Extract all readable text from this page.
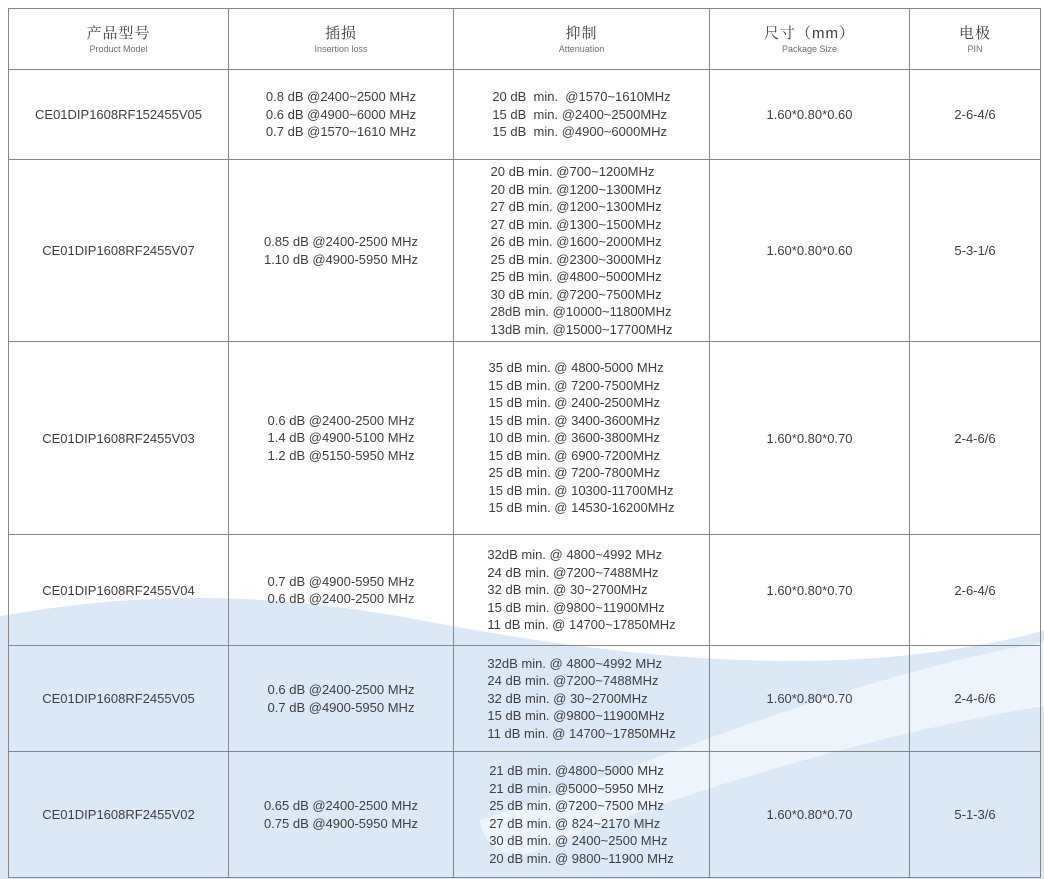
产品型号
Product Model

插损
Insertion loss

抑制
Attenuation

尺寸（mm）
Package Size

电极
PIN

CE01DIP1608RF152455V05	
0.8 dB @2400~2500 MHz
0.6 dB @4900~6000 MHz
0.7 dB @1570~1610 MHz

20 dB  min.  @1570~1610MHz
15 dB  min. @2400~2500MHz
15 dB  min. @4900~6000MHz
	1.60*0.80*0.60	2-6-4/6
CE01DIP1608RF2455V07	
0.85 dB @2400-2500 MHz
1.10 dB @4900-5950 MHz

20 dB min. @700~1200MHz
20 dB min. @1200~1300MHz
27 dB min. @1200~1300MHz
27 dB min. @1300~1500MHz
26 dB min. @1600~2000MHz
25 dB min. @2300~3000MHz
25 dB min. @4800~5000MHz
30 dB min. @7200~7500MHz
28dB min. @10000~11800MHz
13dB min. @15000~17700MHz
	1.60*0.80*0.60	5-3-1/6
CE01DIP1608RF2455V03	
0.6 dB @2400-2500 MHz
1.4 dB @4900-5100 MHz
1.2 dB @5150-5950 MHz

35 dB min. @ 4800-5000 MHz
15 dB min. @ 7200-7500MHz
15 dB min. @ 2400-2500MHz
15 dB min. @ 3400-3600MHz
10 dB min. @ 3600-3800MHz
15 dB min. @ 6900-7200MHz
25 dB min. @ 7200-7800MHz
15 dB min. @ 10300-11700MHz
15 dB min. @ 14530-16200MHz
	1.60*0.80*0.70	2-4-6/6
CE01DIP1608RF2455V04	
0.7 dB @4900-5950 MHz
0.6 dB @2400-2500 MHz

32dB min. @ 4800~4992 MHz
24 dB min. @7200~7488MHz
32 dB min. @ 30~2700MHz
15 dB min. @9800~11900MHz
11 dB min. @ 14700~17850MHz
	1.60*0.80*0.70	2-6-4/6
CE01DIP1608RF2455V05	
0.6 dB @2400-2500 MHz
0.7 dB @4900-5950 MHz

32dB min. @ 4800~4992 MHz
24 dB min. @7200~7488MHz
32 dB min. @ 30~2700MHz
15 dB min. @9800~11900MHz
11 dB min. @ 14700~17850MHz
	1.60*0.80*0.70	2-4-6/6
CE01DIP1608RF2455V02	
0.65 dB @2400-2500 MHz
0.75 dB @4900-5950 MHz

21 dB min. @4800~5000 MHz
21 dB min. @5000~5950 MHz
25 dB min. @7200~7500 MHz
27 dB min. @ 824~2170 MHz
30 dB min. @ 2400~2500 MHz
20 dB min. @ 9800~11900 MHz
	1.60*0.80*0.70	5-1-3/6
